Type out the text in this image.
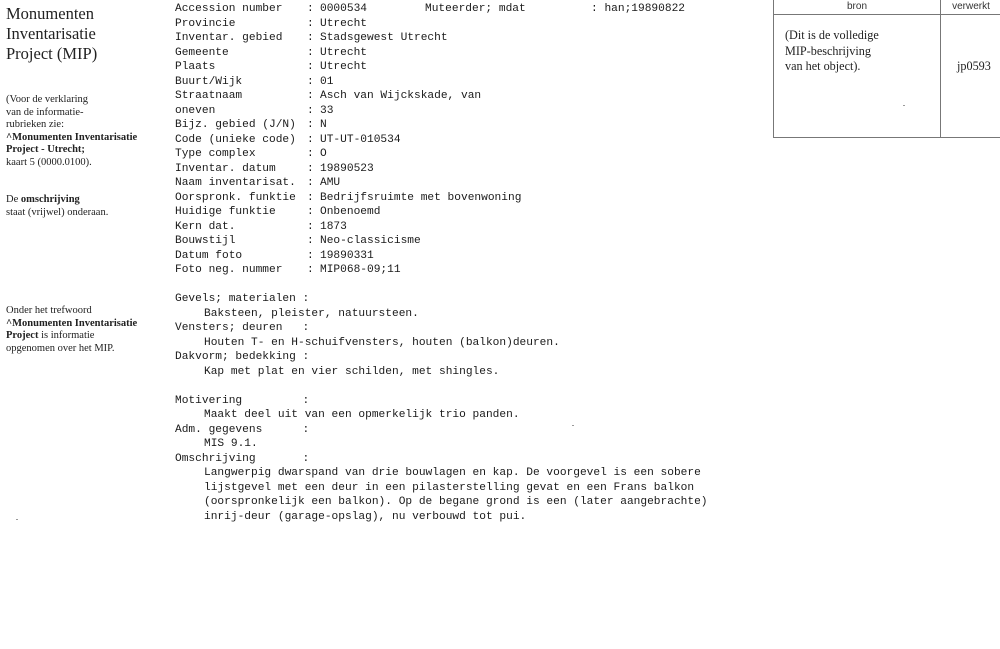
Monumenten
Inventarisatie
Project (MIP)
(Voor de verklaring
van de informatie-
rubrieken zie:
^Monumenten Inventarisatie
Project - Utrecht;
kaart 5 (0000.0100).
De omschrijving
staat (vrijwel) onderaan.
Onder het trefwoord
^Monumenten Inventarisatie
Project is informatie
opgenomen over het MIP.
Muteerder; mdat	: han;19890822
Accession number	: 0000534
Provincie	: Utrecht
Inventar. gebied	: Stadsgewest Utrecht
Gemeente	: Utrecht
Plaats	: Utrecht
Buurt/Wijk	: 01
Straatnaam	: Asch van Wijckskade, van
oneven	: 33
Bijz. gebied (J/N) : N
Code (unieke code) : UT-UT-010534
Type complex	: O
Inventar. datum	: 19890523
Naam inventarisat. : AMU
Oorspronk. funktie : Bedrijfsruimte met bovenwoning
Huidige funktie	: Onbenoemd
Kern dat.	: 1873
Bouwstijl	: Neo-classicisme
Datum foto	: 19890331
Foto neg. nummer	: MIP068-09;11
Gevels; materialen :
Baksteen, pleister, natuursteen.
Vensters; deuren   :
Houten T- en H-schuifvensters, houten (balkon)deuren.
Dakvorm; bedekking :
Kap met plat en vier schilden, met shingles.
Motivering         :
Maakt deel uit van een opmerkelijk trio panden.
Adm. gegevens      :
MIS 9.1.
Omschrijving       :
Langwerpig dwarspand van drie bouwlagen en kap. De voorgevel is een sobere
lijstgevel met een deur in een pilasterstelling gevat en een Frans balkon
(oorspronkelijk een balkon). Op de begane grond is een (later aangebrachte)
inrij-deur (garage-opslag), nu verbouwd tot pui.
bron	verwerkt
(Dit is de volledige
MIP-beschrijving
van het object).	jp0593
